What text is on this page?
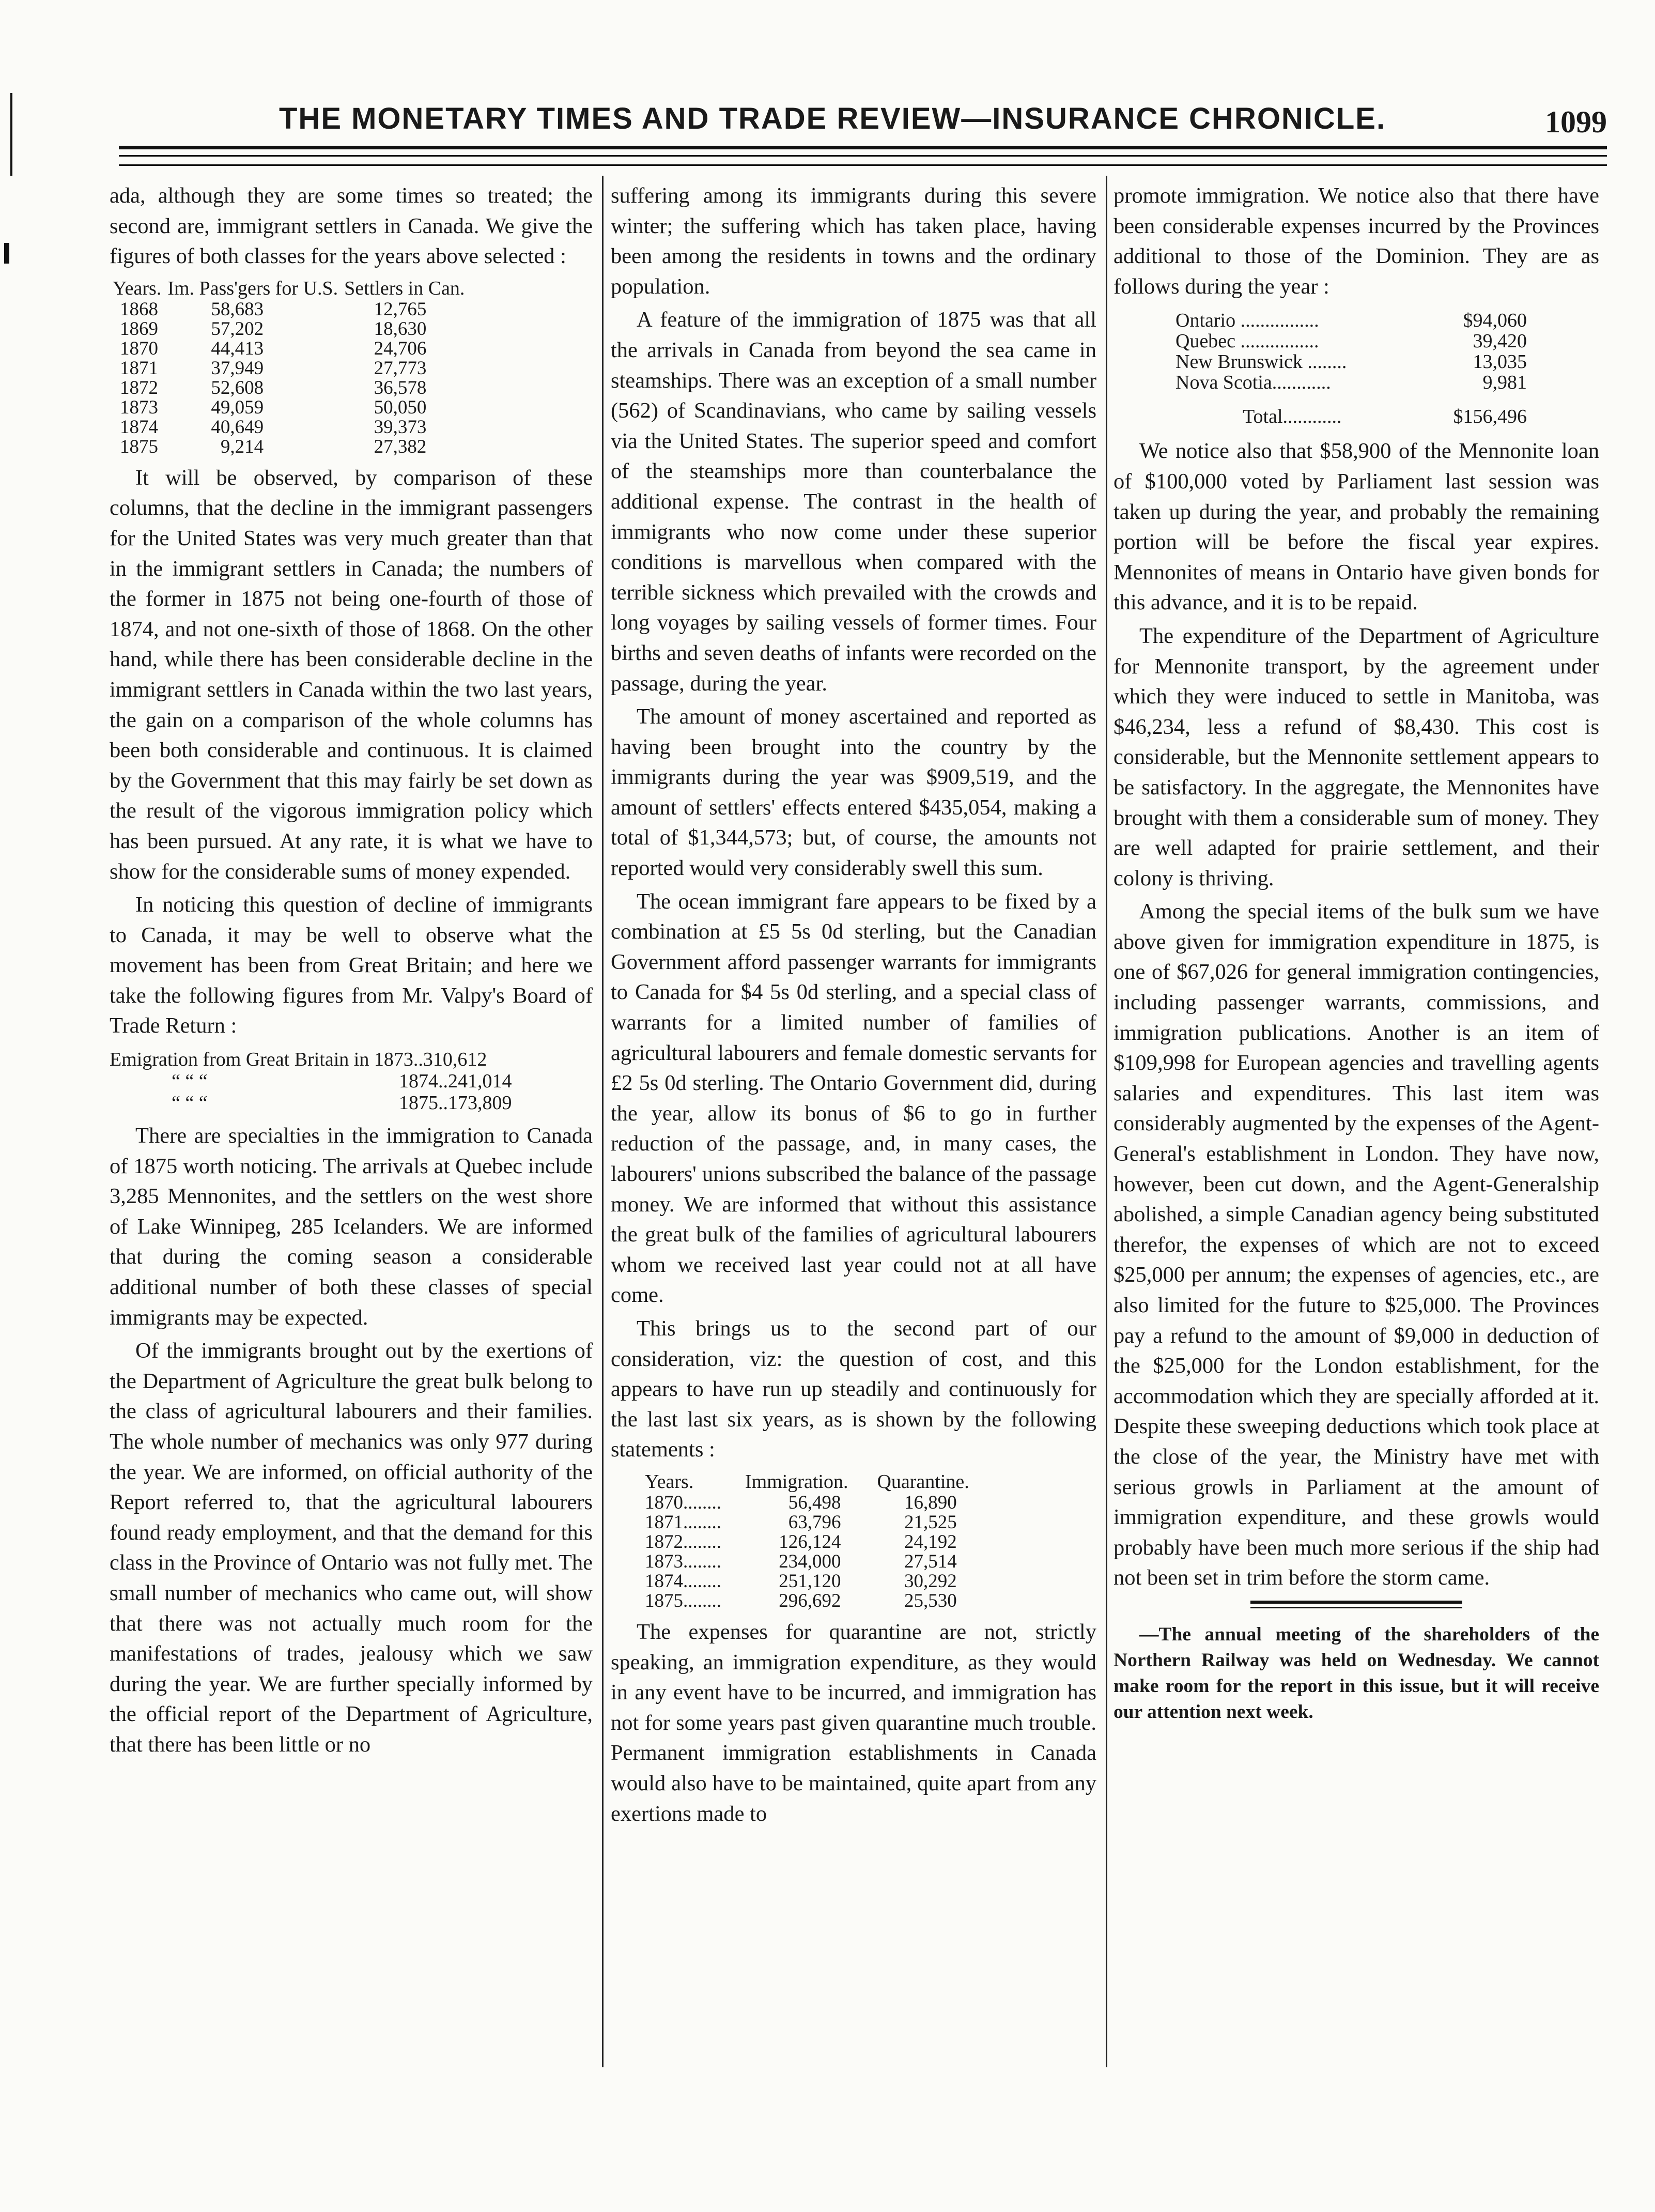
THE MONETARY TIMES AND TRADE REVIEW—INSURANCE CHRONICLE.	1099

ada, although they are some times so treated; the second are, immigrant settlers in Canada. We give the figures of both classes for the years above selected :

Years.	Im. Pass'gers for U.S.	Settlers in Can.
1868	58,683	12,765
1869	57,202	18,630
1870	44,413	24,706
1871	37,949	27,773
1872	52,608	36,578
1873	49,059	50,050
1874	40,649	39,373
1875	9,214	27,382

It will be observed, by comparison of these columns, that the decline in the immigrant passengers for the United States was very much greater than that in the immigrant settlers in Canada; the numbers of the former in 1875 not being one-fourth of those of 1874, and not one-sixth of those of 1868. On the other hand, while there has been considerable decline in the immigrant settlers in Canada within the two last years, the gain on a comparison of the whole columns has been both considerable and continuous. It is claimed by the Government that this may fairly be set down as the result of the vigorous immigration policy which has been pursued. At any rate, it is what we have to show for the considerable sums of money expended.

In noticing this question of decline of immigrants to Canada, it may be well to observe what the movement has been from Great Britain; and here we take the following figures from Mr. Valpy's Board of Trade Return :

Emigration from Great Britain in 1873..310,612
“ “ “	1874..241,014
“ “ “	1875..173,809

There are specialties in the immigration to Canada of 1875 worth noticing. The arrivals at Quebec include 3,285 Mennonites, and the settlers on the west shore of Lake Winnipeg, 285 Icelanders. We are informed that during the coming season a considerable additional number of both these classes of special immigrants may be expected.

Of the immigrants brought out by the exertions of the Department of Agriculture the great bulk belong to the class of agricultural labourers and their families. The whole number of mechanics was only 977 during the year. We are informed, on official authority of the Report referred to, that the agricultural labourers found ready employment, and that the demand for this class in the Province of Ontario was not fully met. The small number of mechanics who came out, will show that there was not actually much room for the manifestations of trades, jealousy which we saw during the year. We are further specially informed by the official report of the Department of Agriculture, that there has been little or no

suffering among its immigrants during this severe winter; the suffering which has taken place, having been among the residents in towns and the ordinary population.

A feature of the immigration of 1875 was that all the arrivals in Canada from beyond the sea came in steamships. There was an exception of a small number (562) of Scandinavians, who came by sailing vessels via the United States. The superior speed and comfort of the steamships more than counterbalance the additional expense. The contrast in the health of immigrants who now come under these superior conditions is marvellous when compared with the terrible sickness which prevailed with the crowds and long voyages by sailing vessels of former times. Four births and seven deaths of infants were recorded on the passage, during the year.

The amount of money ascertained and reported as having been brought into the country by the immigrants during the year was $909,519, and the amount of settlers' effects entered $435,054, making a total of $1,344,573; but, of course, the amounts not reported would very considerably swell this sum.

The ocean immigrant fare appears to be fixed by a combination at £5 5s 0d sterling, but the Canadian Government afford passenger warrants for immigrants to Canada for $4 5s 0d sterling, and a special class of warrants for a limited number of families of agricultural labourers and female domestic servants for £2 5s 0d sterling. The Ontario Government did, during the year, allow its bonus of $6 to go in further reduction of the passage, and, in many cases, the labourers' unions subscribed the balance of the passage money. We are informed that without this assistance the great bulk of the families of agricultural labourers whom we received last year could not at all have come.

This brings us to the second part of our consideration, viz: the question of cost, and this appears to have run up steadily and continuously for the last last six years, as is shown by the following statements :

Years.	Immigration.	Quarantine.
1870........	56,498	16,890
1871........	63,796	21,525
1872........	126,124	24,192
1873........	234,000	27,514
1874........	251,120	30,292
1875........	296,692	25,530

The expenses for quarantine are not, strictly speaking, an immigration expenditure, as they would in any event have to be incurred, and immigration has not for some years past given quarantine much trouble. Permanent immigration establishments in Canada would also have to be maintained, quite apart from any exertions made to

promote immigration. We notice also that there have been considerable expenses incurred by the Provinces additional to those of the Dominion. They are as follows during the year :

Ontario ................	$94,060
Quebec ................	39,420
New Brunswick ........	13,035
Nova Scotia............	9,981
Total............	$156,496

We notice also that $58,900 of the Mennonite loan of $100,000 voted by Parliament last session was taken up during the year, and probably the remaining portion will be before the fiscal year expires. Mennonites of means in Ontario have given bonds for this advance, and it is to be repaid.

The expenditure of the Department of Agriculture for Mennonite transport, by the agreement under which they were induced to settle in Manitoba, was $46,234, less a refund of $8,430. This cost is considerable, but the Mennonite settlement appears to be satisfactory. In the aggregate, the Mennonites have brought with them a considerable sum of money. They are well adapted for prairie settlement, and their colony is thriving.

Among the special items of the bulk sum we have above given for immigration expenditure in 1875, is one of $67,026 for general immigration contingencies, including passenger warrants, commissions, and immigration publications. Another is an item of $109,998 for European agencies and travelling agents salaries and expenditures. This last item was considerably augmented by the expenses of the Agent-General's establishment in London. They have now, however, been cut down, and the Agent-Generalship abolished, a simple Canadian agency being substituted therefor, the expenses of which are not to exceed $25,000 per annum; the expenses of agencies, etc., are also limited for the future to $25,000. The Provinces pay a refund to the amount of $9,000 in deduction of the $25,000 for the London establishment, for the accommodation which they are specially afforded at it. Despite these sweeping deductions which took place at the close of the year, the Ministry have met with serious growls in Parliament at the amount of immigration expenditure, and these growls would probably have been much more serious if the ship had not been set in trim before the storm came.

—The annual meeting of the shareholders of the Northern Railway was held on Wednesday. We cannot make room for the report in this issue, but it will receive our attention next week.
